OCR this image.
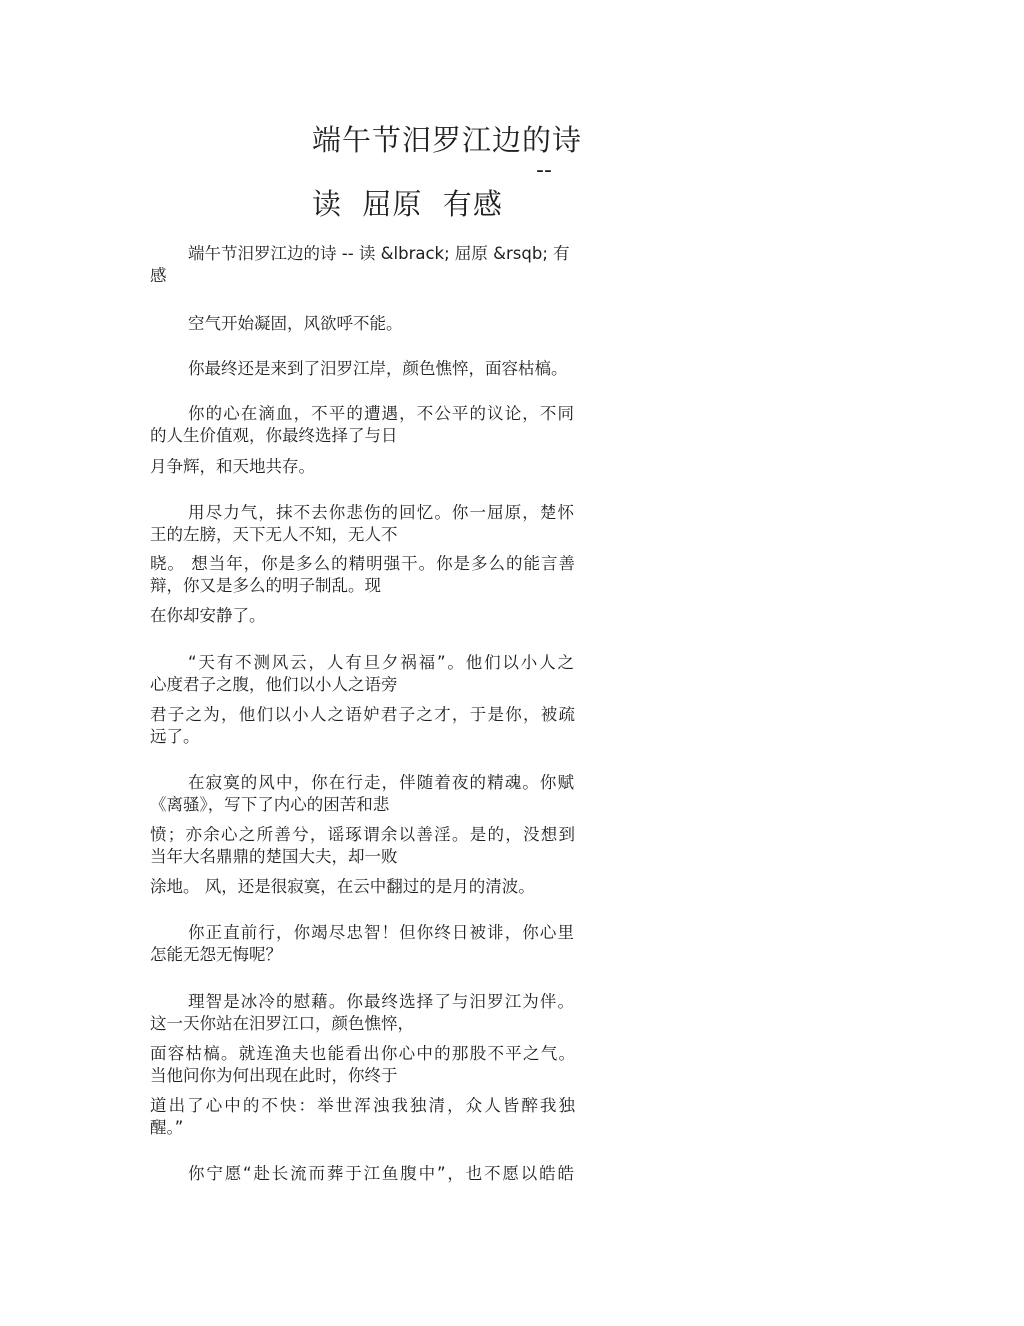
端午节汨罗江边的诗
--
读  屈原  有感
端午节汨罗江边的诗 -- 读 &lbrack; 屈原 &rsqb; 有
感
空气开始凝固，风欲呼不能。
你最终还是来到了汨罗江岸，颜色憔悴，面容枯槁。
你的心在滴血，不平的遭遇，不公平的议论，不同
的人生价值观，你最终选择了与日
月争辉，和天地共存。
用尽力气，抹不去你悲伤的回忆。你一屈原，楚怀
王的左膀，天下无人不知，无人不
晓。 想当年，你是多么的精明强干。你是多么的能言善
辩，你又是多么的明子制乱。现
在你却安静了。
“天有不测风云，人有旦夕祸福”。他们以小人之
心度君子之腹，他们以小人之语旁
君子之为，他们以小人之语妒君子之才，于是你，被疏
远了。
在寂寞的风中，你在行走，伴随着夜的精魂。你赋
《离骚》，写下了内心的困苦和悲
愤；亦余心之所善兮，谣琢谓余以善淫。是的，没想到
当年大名鼎鼎的楚国大夫，却一败
涂地。 风，还是很寂寞，在云中翻过的是月的清波。
你正直前行，你竭尽忠智！但你终日被诽，你心里
怎能无怨无悔呢？
理智是冰冷的慰藉。你最终选择了与汨罗江为伴。
这一天你站在汨罗江口，颜色憔悴，
面容枯槁。就连渔夫也能看出你心中的那股不平之气。
当他问你为何出现在此时，你终于
道出了心中的不快：举世浑浊我独清，众人皆醉我独
醒。”
你宁愿“赴长流而葬于江鱼腹中”，也不愿以皓皓
